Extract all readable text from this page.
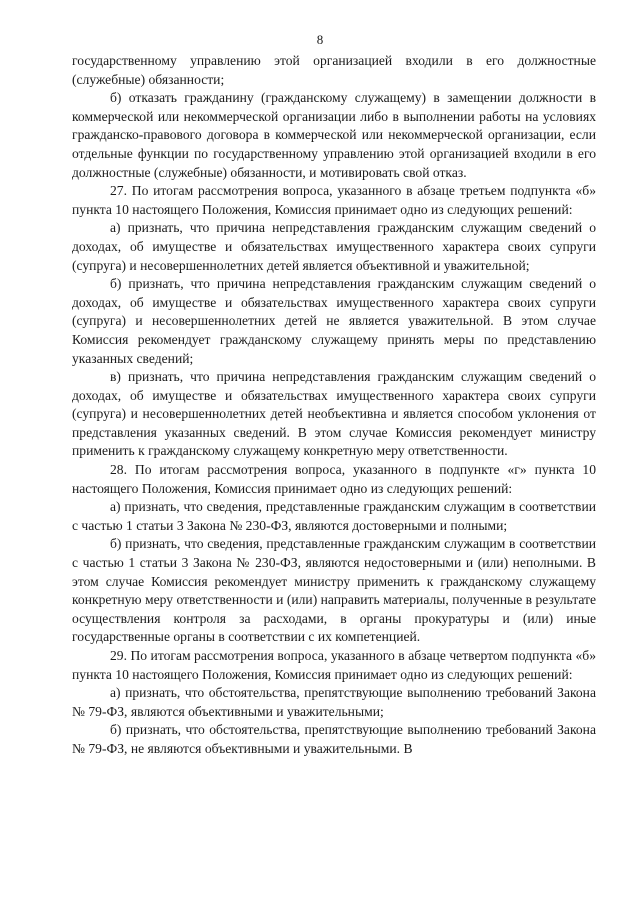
8

государственному управлению этой организацией входили в его должностные (служебные) обязанности;

б) отказать гражданину (гражданскому служащему) в замещении должности в коммерческой или некоммерческой организации либо в выполнении работы на условиях гражданско-правового договора в коммерческой или некоммерческой организации, если отдельные функции по государственному управлению этой организацией входили в его должностные (служебные) обязанности, и мотивировать свой отказ.

27. По итогам рассмотрения вопроса, указанного в абзаце третьем подпункта «б» пункта 10 настоящего Положения, Комиссия принимает одно из следующих решений:

а) признать, что причина непредставления гражданским служащим сведений о доходах, об имуществе и обязательствах имущественного характера своих супруги (супруга) и несовершеннолетних детей является объективной и уважительной;

б) признать, что причина непредставления гражданским служащим сведений о доходах, об имуществе и обязательствах имущественного характера своих супруги (супруга) и несовершеннолетних детей не является уважительной. В этом случае Комиссия рекомендует гражданскому служащему принять меры по представлению указанных сведений;

в) признать, что причина непредставления гражданским служащим сведений о доходах, об имуществе и обязательствах имущественного характера своих супруги (супруга) и несовершеннолетних детей необъективна и является способом уклонения от представления указанных сведений. В этом случае Комиссия рекомендует министру применить к гражданскому служащему конкретную меру ответственности.

28. По итогам рассмотрения вопроса, указанного в подпункте «г» пункта 10 настоящего Положения, Комиссия принимает одно из следующих решений:

а) признать, что сведения, представленные гражданским служащим в соответствии с частью 1 статьи 3 Закона № 230-ФЗ, являются достоверными и полными;

б) признать, что сведения, представленные гражданским служащим в соответствии с частью 1 статьи 3 Закона № 230-ФЗ, являются недостоверными и (или) неполными. В этом случае Комиссия рекомендует министру применить к гражданскому служащему конкретную меру ответственности и (или) направить материалы, полученные в результате осуществления контроля за расходами, в органы прокуратуры и (или) иные государственные органы в соответствии с их компетенцией.

29. По итогам рассмотрения вопроса, указанного в абзаце четвертом подпункта «б» пункта 10 настоящего Положения, Комиссия принимает одно из следующих решений:

а) признать, что обстоятельства, препятствующие выполнению требований Закона № 79-ФЗ, являются объективными и уважительными;

б) признать, что обстоятельства, препятствующие выполнению требований Закона № 79-ФЗ, не являются объективными и уважительными. В
